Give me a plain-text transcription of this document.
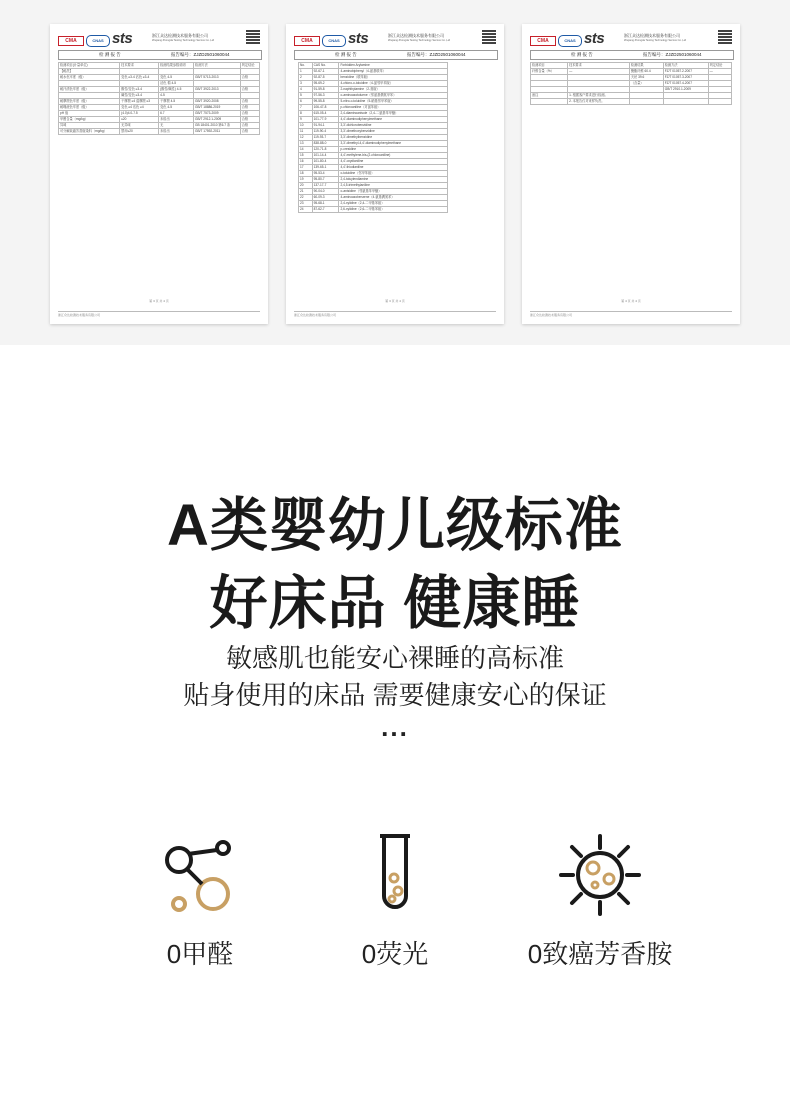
CMA	CNAS sts	浙江众达检测技术服务有限公司
Zhejiang Zhongda Testing Technology Service Co.,Ltd
检 测 报 告	报告编号：ZJZD2501060044
检测项目(计量单位)	技术要求	检测结果参数说明	检测方法	判定结论
【耐洗】				
耐水色牢度（级）	变色 ≥3-4 沾色 ≥3-4	变色 4-5	GB/T 5713-2013	合格
		沾色 棉 4-5		
耐汗渍色牢度（级）	酸性/变色 ≥3-4	(酸性/碱性) 4-5	GB/T 3922-2013	合格
	碱性/变色 ≥3-4	4-5		
耐摩擦色牢度（级）	干摩擦 ≥4 湿摩擦 ≥3	干摩擦 4-5	GB/T 3920-2008	合格
耐唾液色牢度（级）	变色 ≥4 沾色 ≥4	变色 4-5	GB/T 18886-2019	合格
pH 值	(4.0)4.0-7.5	6.7	GB/T 7573-2009	合格
甲醛含量（mg/kg）	≤20	未检出	GB/T 2912.1-2009	合格
异味	无异味	无	GB 18401-2010 第6.7 条	合格
可分解致癌芳香胺染料（mg/kg）	禁用≤20	未检出	GB/T 17592-2011	合格
第 3 页 共 4 页
浙江众达检测技术服务有限公司
CMA	CNAS sts	浙江众达检测技术服务有限公司
Zhejiang Zhongda Testing Technology Service Co.,Ltd
检 测 报 告	报告编号：ZJZD2501060044
No.	CAS No.	Forbidden Arylamine
1	92-67-1	4-aminobiphenyl（4-氨基联苯）
2	92-87-5	benzidine（联苯胺）
3	95-69-2	4-chloro-o-toluidine（4-氯邻甲苯胺）
4	91-59-8	2-naphthylamine（2-萘胺）
5	97-56-3	o-aminoazotoluene（邻氨基偶氮甲苯）
6	99-55-8	5-nitro-o-toluidine（5-硝基邻甲苯胺）
7	106-47-8	p-chloroaniline（对氯苯胺）
8	615-05-4	2,4-diaminoanisole（2,4-二氨基苯甲醚）
9	101-77-9	4,4'-diaminodiphenylmethane
10	91-94-1	3,3'-dichlorobenzidine
11	119-90-4	3,3'-dimethoxybenzidine
12	119-93-7	3,3'-dimethylbenzidine
13	838-88-0	3,3'-dimethyl-4,4'-diaminodiphenylmethane
14	120-71-8	p-cresidine
15	101-14-4	4,4'-methylene-bis-(2-chloroaniline)
16	101-80-4	4,4'-oxydianiline
17	139-65-1	4,4'-thiodianiline
18	95-53-4	o-toluidine（邻甲苯胺）
19	95-80-7	2,4-toluylendiamine
20	137-17-7	2,4,5-trimethylaniline
21	90-04-0	o-anisidine（邻氨基苯甲醚）
22	60-09-3	4-aminoazobenzene（4-氨基偶氮苯）
23	95-68-1	2,4-xylidine（2,4-二甲基苯胺）
24	87-62-7	2,6-xylidine（2,6-二甲基苯胺）
第 3 页 共 4 页
浙江众达检测技术服务有限公司
CMA	CNAS sts	浙江众达检测技术服务有限公司
Zhejiang Zhongda Testing Technology Service Co.,Ltd
检 测 报 告	报告编号：ZJZD2501060044
检测项目	技术要求	检测结果	检测方法	判定结论
纤维含量（%）	—	聚酯纤维 60.4	FZ/T 01057.2-2007	—
		天丝 39.6	FZ/T 01057.3-2007	
		（含量）	FZ/T 01057.4-2007	
			GB/T 2910.1-2009	
备注	1. 根据客户要求进行检测。			
	2. 本报告仅对来样负责。			
第 4 页 共 4 页
浙江众达检测技术服务有限公司
A类婴幼儿级标准
好床品 健康睡
敏感肌也能安心裸睡的高标准
贴身使用的床品 需要健康安心的保证
...
0甲醛	0荧光	0致癌芳香胺
